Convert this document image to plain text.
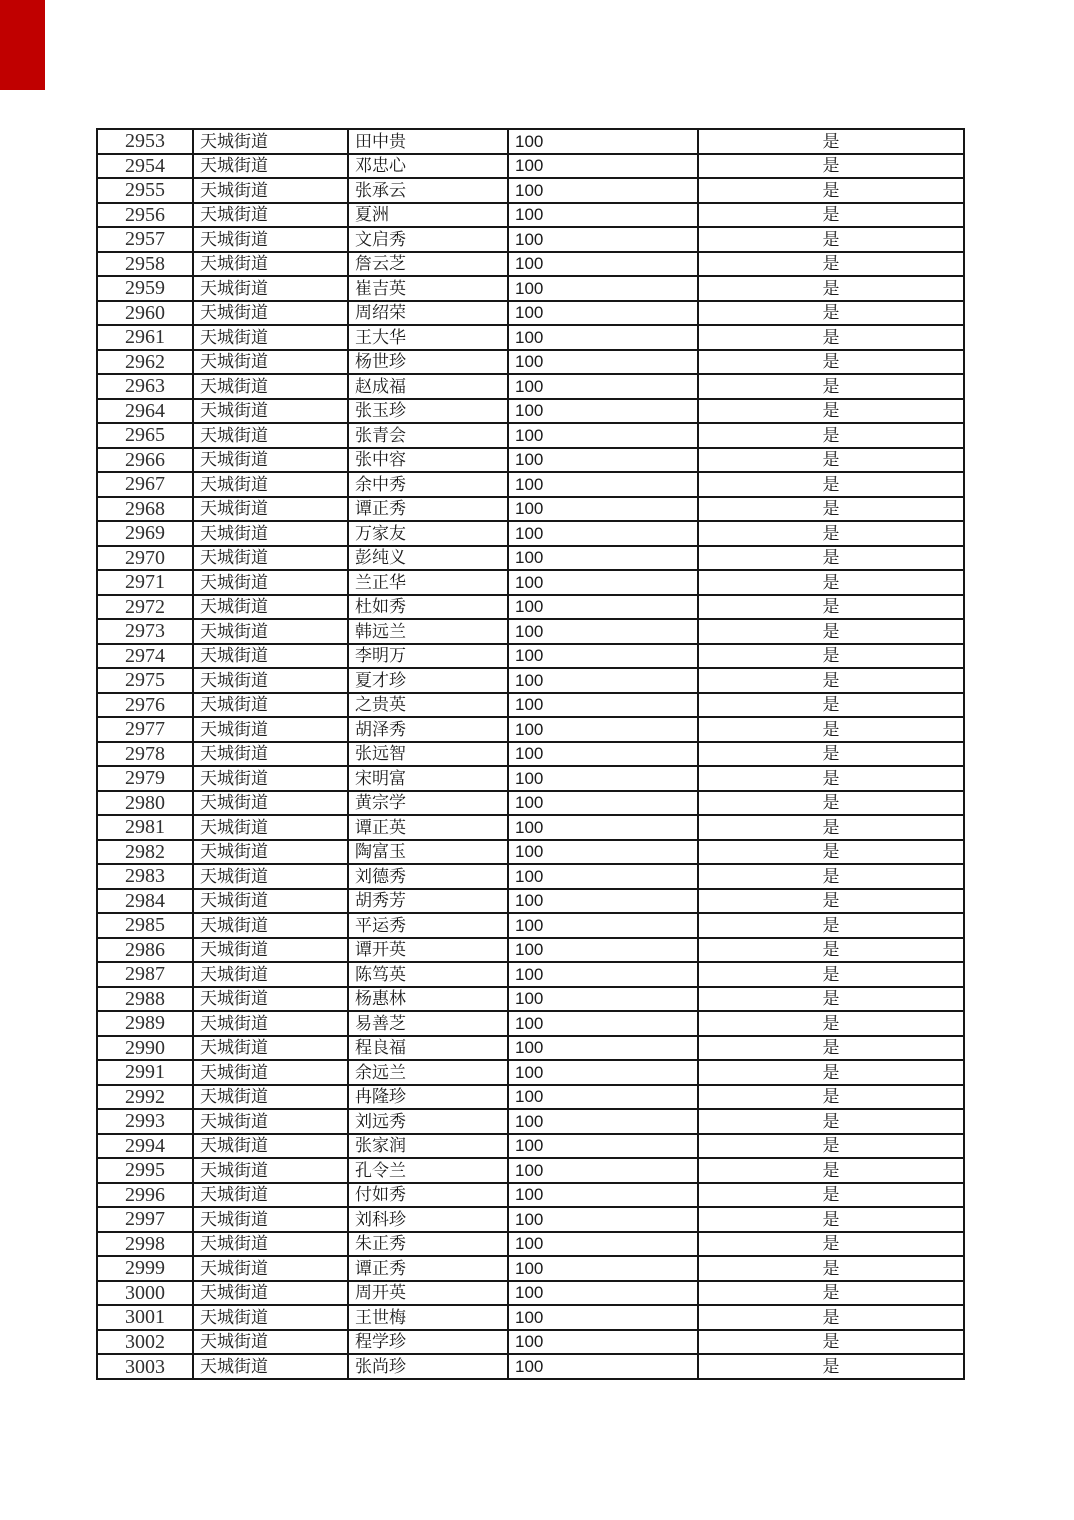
2953	天城街道	田中贵	100	是
2954	天城街道	邓忠心	100	是
2955	天城街道	张承云	100	是
2956	天城街道	夏洲	100	是
2957	天城街道	文启秀	100	是
2958	天城街道	詹云芝	100	是
2959	天城街道	崔吉英	100	是
2960	天城街道	周绍荣	100	是
2961	天城街道	王大华	100	是
2962	天城街道	杨世珍	100	是
2963	天城街道	赵成福	100	是
2964	天城街道	张玉珍	100	是
2965	天城街道	张青会	100	是
2966	天城街道	张中容	100	是
2967	天城街道	余中秀	100	是
2968	天城街道	谭正秀	100	是
2969	天城街道	万家友	100	是
2970	天城街道	彭纯义	100	是
2971	天城街道	兰正华	100	是
2972	天城街道	杜如秀	100	是
2973	天城街道	韩远兰	100	是
2974	天城街道	李明万	100	是
2975	天城街道	夏才珍	100	是
2976	天城街道	之贵英	100	是
2977	天城街道	胡泽秀	100	是
2978	天城街道	张远智	100	是
2979	天城街道	宋明富	100	是
2980	天城街道	黄宗学	100	是
2981	天城街道	谭正英	100	是
2982	天城街道	陶富玉	100	是
2983	天城街道	刘德秀	100	是
2984	天城街道	胡秀芳	100	是
2985	天城街道	平运秀	100	是
2986	天城街道	谭开英	100	是
2987	天城街道	陈笃英	100	是
2988	天城街道	杨惠林	100	是
2989	天城街道	易善芝	100	是
2990	天城街道	程良福	100	是
2991	天城街道	余远兰	100	是
2992	天城街道	冉隆珍	100	是
2993	天城街道	刘远秀	100	是
2994	天城街道	张家润	100	是
2995	天城街道	孔令兰	100	是
2996	天城街道	付如秀	100	是
2997	天城街道	刘科珍	100	是
2998	天城街道	朱正秀	100	是
2999	天城街道	谭正秀	100	是
3000	天城街道	周开英	100	是
3001	天城街道	王世梅	100	是
3002	天城街道	程学珍	100	是
3003	天城街道	张尚珍	100	是
